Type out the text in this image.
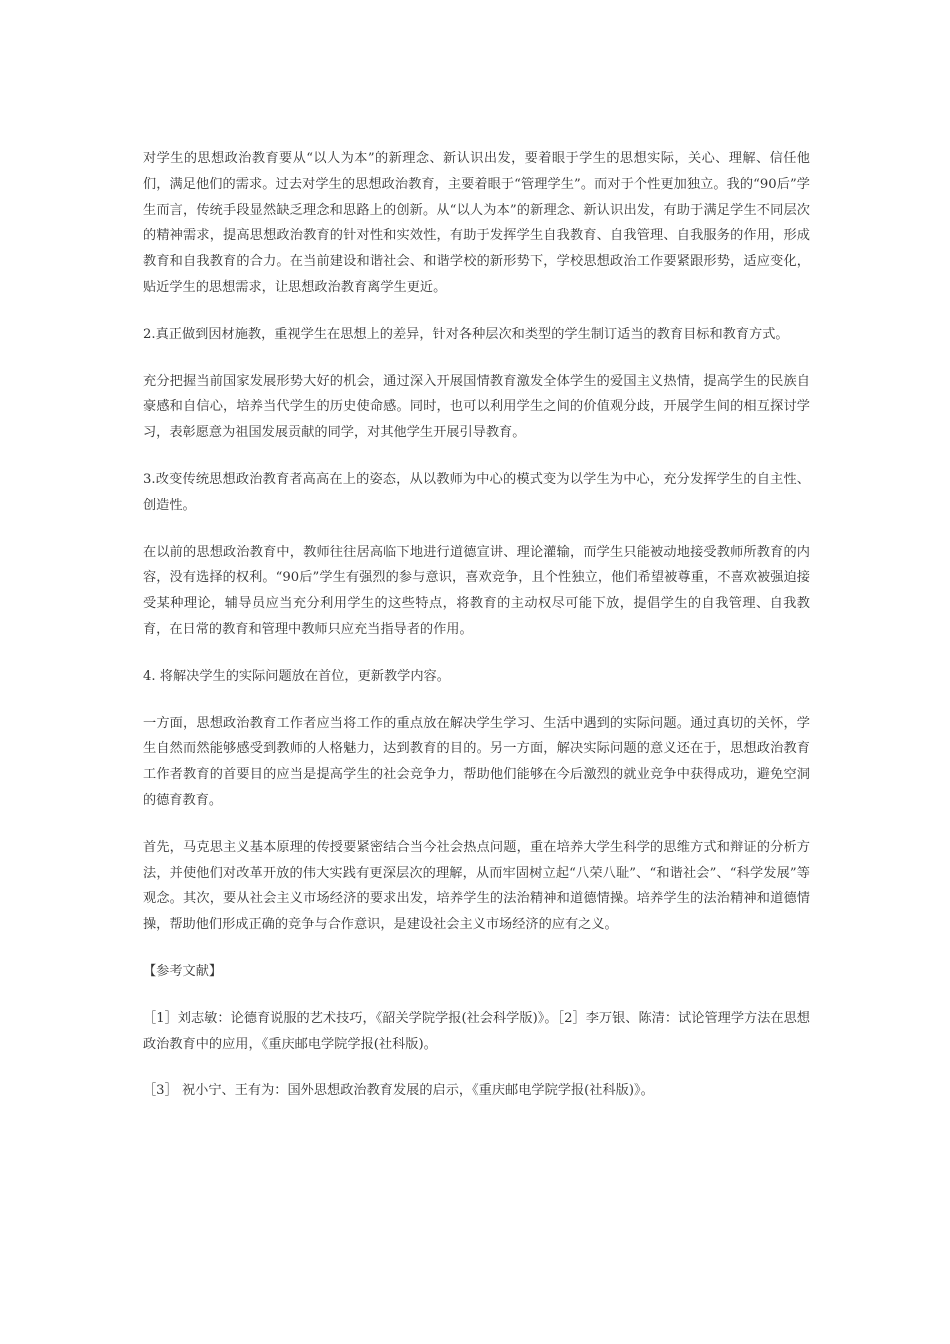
对学生的思想政治教育要从“以人为本”的新理念、新认识出发，要着眼于学生的思想实际，关心、理解、信任他们，满足他们的需求。过去对学生的思想政治教育，主要着眼于“管理学生”。而对于个性更加独立。我的“90后”学生而言，传统手段显然缺乏理念和思路上的创新。从“以人为本”的新理念、新认识出发，有助于满足学生不同层次的精神需求，提高思想政治教育的针对性和实效性，有助于发挥学生自我教育、自我管理、自我服务的作用，形成教育和自我教育的合力。在当前建设和谐社会、和谐学校的新形势下，学校思想政治工作要紧跟形势，适应变化，贴近学生的思想需求，让思想政治教育离学生更近。

2.真正做到因材施教，重视学生在思想上的差异，针对各种层次和类型的学生制订适当的教育目标和教育方式。

充分把握当前国家发展形势大好的机会，通过深入开展国情教育激发全体学生的爱国主义热情，提高学生的民族自豪感和自信心，培养当代学生的历史使命感。同时，也可以利用学生之间的价值观分歧，开展学生间的相互探讨学习，表彰愿意为祖国发展贡献的同学，对其他学生开展引导教育。

3.改变传统思想政治教育者高高在上的姿态，从以教师为中心的模式变为以学生为中心，充分发挥学生的自主性、创造性。

在以前的思想政治教育中，教师往往居高临下地进行道德宣讲、理论灌输，而学生只能被动地接受教师所教育的内容，没有选择的权利。“90后”学生有强烈的参与意识，喜欢竞争，且个性独立，他们希望被尊重，不喜欢被强迫接受某种理论，辅导员应当充分利用学生的这些特点，将教育的主动权尽可能下放，提倡学生的自我管理、自我教育，在日常的教育和管理中教师只应充当指导者的作用。

4. 将解决学生的实际问题放在首位，更新教学内容。

一方面，思想政治教育工作者应当将工作的重点放在解决学生学习、生活中遇到的实际问题。通过真切的关怀，学生自然而然能够感受到教师的人格魅力，达到教育的目的。另一方面，解决实际问题的意义还在于，思想政治教育工作者教育的首要目的应当是提高学生的社会竞争力，帮助他们能够在今后激烈的就业竞争中获得成功，避免空洞的德育教育。

首先，马克思主义基本原理的传授要紧密结合当今社会热点问题，重在培养大学生科学的思维方式和辩证的分析方法，并使他们对改革开放的伟大实践有更深层次的理解，从而牢固树立起“八荣八耻”、“和谐社会”、“科学发展”等观念。其次，要从社会主义市场经济的要求出发，培养学生的法治精神和道德情操。培养学生的法治精神和道德情操，帮助他们形成正确的竞争与合作意识，是建设社会主义市场经济的应有之义。

【参考文献】

［1］刘志敏：论德育说服的艺术技巧，《韶关学院学报(社会科学版)》。［2］李万银、陈清：试论管理学方法在思想政治教育中的应用，《重庆邮电学院学报(社科版)。

［3］ 祝小宁、王有为：国外思想政治教育发展的启示，《重庆邮电学院学报(社科版)》。
